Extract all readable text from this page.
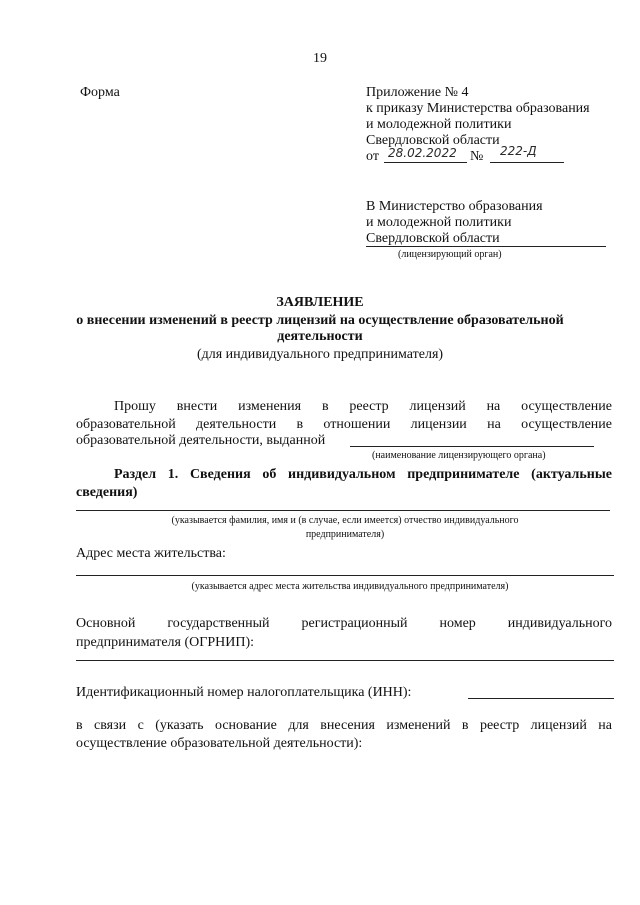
19
Форма	Приложение № 4
к приказу Министерства образования
и молодежной политики
Свердловской области
от 28.02.2022 № 222-Д
В Министерство образования
и молодежной политики
Свердловской области
(лицензирующий орган)
ЗАЯВЛЕНИЕ
о внесении изменений в реестр лицензий на осуществление образовательной
деятельности
(для индивидуального предпринимателя)
Прошу внести изменения в реестр лицензий на осуществление
образовательной деятельности в отношении лицензии на осуществление
образовательной деятельности, выданной
(наименование лицензирующего органа)
Раздел 1. Сведения об индивидуальном предпринимателе (актуальные
сведения)
(указывается фамилия, имя и (в случае, если имеется) отчество индивидуального
предпринимателя)
Адрес места жительства:
(указывается адрес места жительства индивидуального предпринимателя)
Основной государственный регистрационный номер индивидуального
предпринимателя (ОГРНИП):
Идентификационный номер налогоплательщика (ИНН):
в связи с (указать основание для внесения изменений в реестр лицензий на
осуществление образовательной деятельности):
